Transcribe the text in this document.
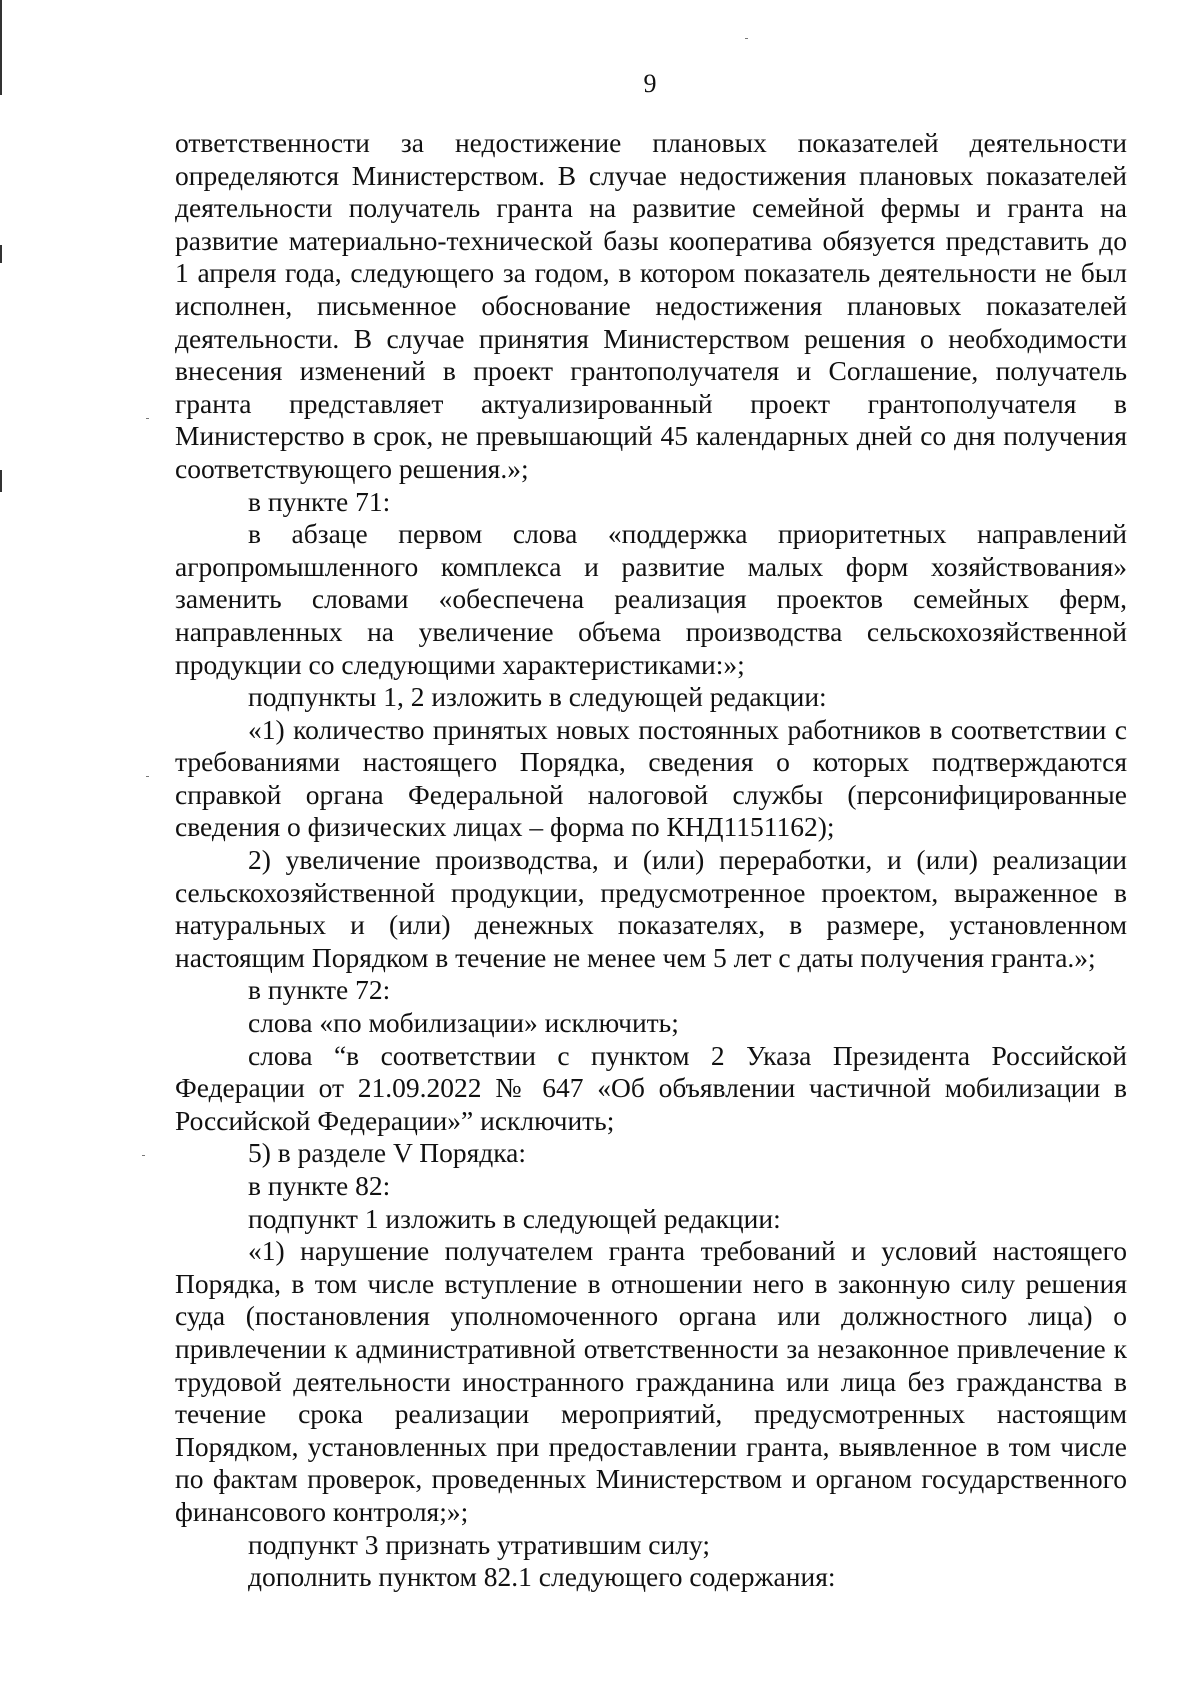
9

ответственности за недостижение плановых показателей деятельности определяются Министерством. В случае недостижения плановых показателей деятельности получатель гранта на развитие семейной фермы и гранта на развитие материально-технической базы кооператива обязуется представить до 1 апреля года, следующего за годом, в котором показатель деятельности не был исполнен, письменное обоснование недостижения плановых показателей деятельности. В случае принятия Министерством решения о необходимости внесения изменений в проект грантополучателя и Соглашение, получатель гранта представляет актуализированный проект грантополучателя в Министерство в срок, не превышающий 45 календарных дней со дня получения соответствующего решения.»;

в пункте 71:

в абзаце первом слова «поддержка приоритетных направлений агропромышленного комплекса и развитие малых форм хозяйствования» заменить словами «обеспечена реализация проектов семейных ферм, направленных на увеличение объема производства сельскохозяйственной продукции со следующими характеристиками:»;

подпункты 1, 2 изложить в следующей редакции:

«1) количество принятых новых постоянных работников в соответствии с требованиями настоящего Порядка, сведения о которых подтверждаются справкой органа Федеральной налоговой службы (персонифицированные сведения о физических лицах – форма по КНД1151162);

2) увеличение производства, и (или) переработки, и (или) реализации сельскохозяйственной продукции, предусмотренное проектом, выраженное в натуральных и (или) денежных показателях, в размере, установленном настоящим Порядком в течение не менее чем 5 лет с даты получения гранта.»;

в пункте 72:

слова «по мобилизации» исключить;

слова “в соответствии с пунктом 2 Указа Президента Российской Федерации от 21.09.2022 № 647 «Об объявлении частичной мобилизации в Российской Федерации»” исключить;

5) в разделе V Порядка:

в пункте 82:

подпункт 1 изложить в следующей редакции:

«1) нарушение получателем гранта требований и условий настоящего Порядка, в том числе вступление в отношении него в законную силу решения суда (постановления уполномоченного органа или должностного лица) о привлечении к административной ответственности за незаконное привлечение к трудовой деятельности иностранного гражданина или лица без гражданства в течение срока реализации мероприятий, предусмотренных настоящим Порядком, установленных при предоставлении гранта, выявленное в том числе по фактам проверок, проведенных Министерством и органом государственного финансового контроля;»;

подпункт 3 признать утратившим силу;

дополнить пунктом 82.1 следующего содержания:
